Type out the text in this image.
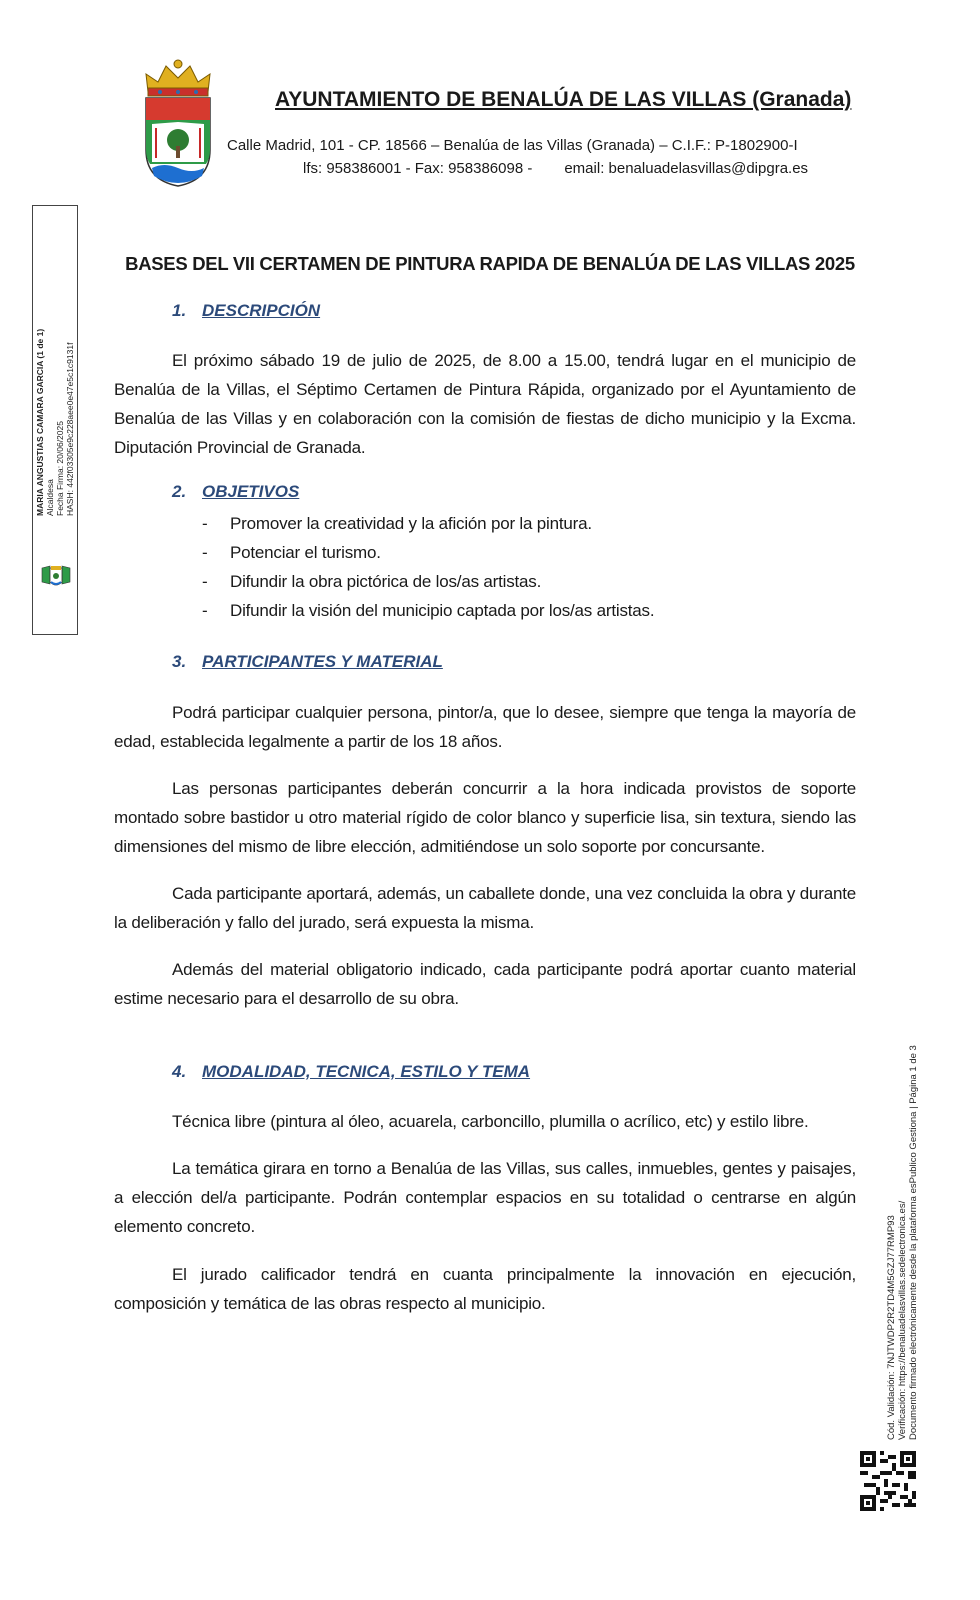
AYUNTAMIENTO DE BENALÚA DE LAS VILLAS (Granada)
Calle Madrid, 101 - CP. 18566 – Benalúa de las Villas (Granada) – C.I.F.: P-1802900-I
lfs: 958386001 - Fax: 958386098 - email: benaluadelasvillas@dipgra.es
MARIA ANGUSTIAS CAMARA GARCIA (1 de 1) Alcaldesa Fecha Firma: 20/06/2025 HASH: 442f03305e9c228aee0e47e5c1c9131f
Cód. Validación: 7NJTWDP2R2TD4M5GZJ77RMP93 Verificación: https://benaluadelasvillas.sedelectronica.es/ Documento firmado electrónicamente desde la plataforma esPublico Gestiona | Página 1 de 3
BASES DEL VII CERTAMEN DE PINTURA RAPIDA DE BENALÚA DE LAS VILLAS 2025
1. DESCRIPCIÓN

El próximo sábado 19 de julio de 2025, de 8.00 a 15.00, tendrá lugar en el municipio de Benalúa de la Villas, el Séptimo Certamen de Pintura Rápida, organizado por el Ayuntamiento de Benalúa de las Villas y en colaboración con la comisión de fiestas de dicho municipio y la Excma. Diputación Provincial de Granada.

2. OBJETIVOS
- Promover la creatividad y la afición por la pintura.
- Potenciar el turismo.
- Difundir la obra pictórica de los/as artistas.
- Difundir la visión del municipio captada por los/as artistas.
3. PARTICIPANTES Y MATERIAL

Podrá participar cualquier persona, pintor/a, que lo desee, siempre que tenga la mayoría de edad, establecida legalmente a partir de los 18 años.

Las personas participantes deberán concurrir a la hora indicada provistos de soporte montado sobre bastidor u otro material rígido de color blanco y superficie lisa, sin textura, siendo las dimensiones del mismo de libre elección, admitiéndose un solo soporte por concursante.

Cada participante aportará, además, un caballete donde, una vez concluida la obra y durante la deliberación y fallo del jurado, será expuesta la misma.

Además del material obligatorio indicado, cada participante podrá aportar cuanto material estime necesario para el desarrollo de su obra.

4. MODALIDAD, TECNICA, ESTILO Y TEMA

Técnica libre (pintura al óleo, acuarela, carboncillo, plumilla o acrílico, etc) y estilo libre.

La temática girara en torno a Benalúa de las Villas, sus calles, inmuebles, gentes y paisajes, a elección del/a participante. Podrán contemplar espacios en su totalidad o centrarse en algún elemento concreto.

El jurado calificador tendrá en cuanta principalmente la innovación en ejecución, composición y temática de las obras respecto al municipio.
